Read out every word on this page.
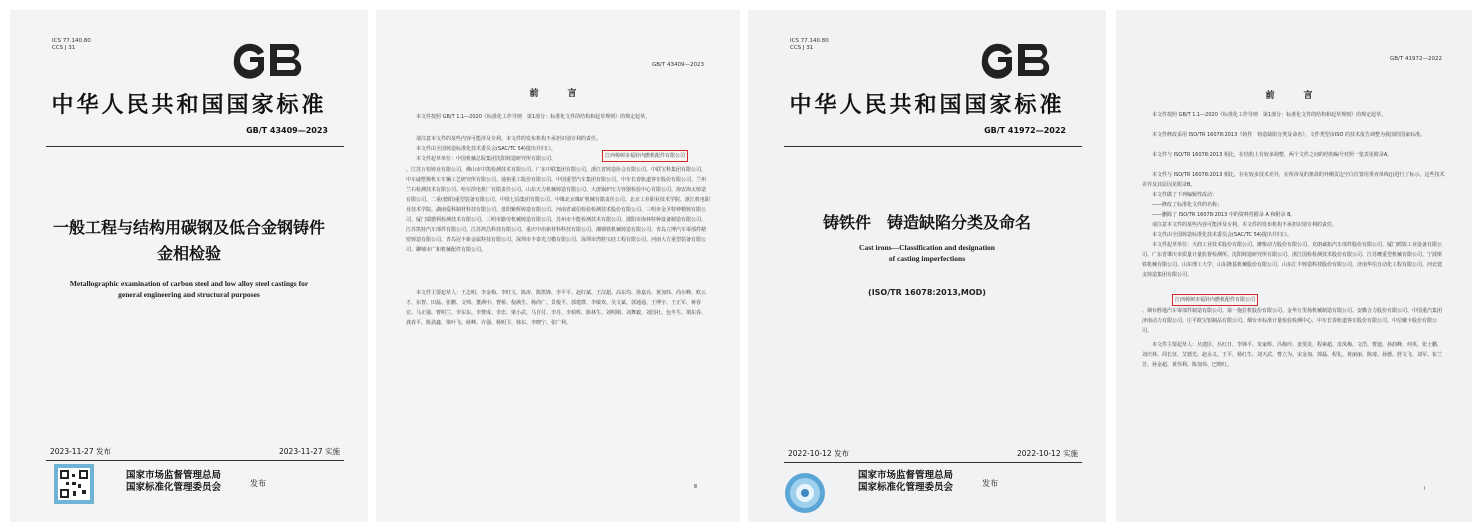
ICS 77.140.80
CCS J 31
中华人民共和国国家标准
GB/T 43409—2023
一般工程与结构用碳钢及低合金钢铸件
金相检验
Metallographic examination of carbon steel and low alloy steel castings for
general engineering and structural purposes
2023-11-27 发布	2023-11-27 实施
国家市场监督管理总局
国家标准化管理委员会	发布
GB/T 43409—2023
前　言
本文件按照 GB/T 1.1—2020《标准化工作导则　第1部分：标准化文件的结构和起草规则》的规定起草。
请注意本文件的某些内容可能涉及专利。本文件的发布机构不承担识别专利的责任。
本文件由全国铸造标准化技术委员会(SAC/TC 54)提出并归口。
本文件起草单位：中国机械总院集团沈阳铸造研究所有限公司、	江西樟树市福铃内燃机配件有限公司
、江苏万恒铸业有限公司、佛山市中凯检测技术有限公司、广东中联集团有限公司、浙江省铸造协会有限公司、中联宝科集团有限公司、中车戚墅堰机车车辆工艺研究所有限公司、通裕重工股份有限公司、中国重型汽车集团有限公司、中车长春轨道客车股份有限公司、兰州兰石检测技术有限公司、哈尔滨电机厂有限责任公司、山东天力机械铸造有限公司、大唐锅炉压力容器检验中心有限公司、海安海太铸造有限公司、二重(德阳)重型装备有限公司、中铁七局集团有限公司、中煤北京煤矿机械有限责任公司、北京工业职业技术学院、浙江机电职业技术学院、湖南爱科制材科技有限公司、盘阳紫辉铸造有限公司、河南省诚信检验检测技术股份有限公司、三明市金圣特钟精铸有限公司、厦门瑞德利检测技术有限公司、三明市勤劳机械铸造有限公司、苏州市丰能检测技术有限公司、溧阳市海林特种设备制造有限公司、江苏凯特汽车部件有限公司、江苏鸿昌科技有限公司、重庆中冶新材料科技有限公司、湘钢铁机械铸造有限公司、青岛立博汽车零部件精密铸造有限公司、青岛冠丰新金属科技有限公司、深圳市丰泰光刀模有限公司、深圳市湾胜宝硅工程有限公司、河南大方重型装备有限公司、聊城市广和机械配件有限公司。
本文件主要起草人：王志明、李金梅、李旺文、陈涛、陈凯锋、李平平、赵红斌、王汉超、高东均、徐嘉亮、黄加炜、尚尔峰、欧云才、东智、田磊、张鹏、文帅、董满中、曹桥、倪满生、杨尚广、景俊平、郭建群、李敏欢、吴文斌、郭通通、王博宇、王正军、蒋春宏、马正强、曹明兰、李东东、李赞成、李忠、梁小武、马自付、李丹、李柏辉、陈林生、刘明刚、刘舞毅、刘国社、包冬生、荆东春、龚春平、陈劲鑫、梁叶飞、薛峰、许强、杨明卫、韩东、李晓宁、张广利。
Ⅲ
ICS 77.140.80
CCS J 31
中华人民共和国国家标准
GB/T 41972—2022
铸铁件　铸造缺陷分类及命名
Cast irons—Classification and designation
of casting imperfections
(ISO/TR 16078:2013,MOD)
2022-10-12 发布	2022-10-12 实施
国家市场监督管理总局
国家标准化管理委员会	发布
GB/T 41972—2022
前　言
本文件按照 GB/T 1.1—2020《标准化工作导则　第1部分：标准化文件的结构和起草规则》的规定起草。
本文件修改采用 ISO/TR 16078:2013《铸件　铸造缺陷分类及命名》。文件类型由ISO 的技术报告调整为我国的国家标准。
本文件与 ISO/TR 16078:2013 相比，在结构上有较多调整，两个文件之间的结构编号对照一览表见附录A。
本文件与 ISO/TR 16078:2013 相比，存在较多技术差异，在所涉及的条款的外侧页边空白位置用垂直单线(|)进行了标示。这些技术差异及其原因见附录B。
本文件做了下列编辑性改动：
——修改了标准化文件的名称；
——删除了 ISO/TR 16078:2013 中的资料性附录 A 和附录 B。
请注意本文件的某些内容可能涉及专利。本文件的发布机构不承担识别专利的责任。
本文件由全国铸造标准化技术委员会(SAC/TC 54)提出并归口。
本文件起草单位：天润工业技术股份有限公司、潍柴动力股份有限公司、克朗诚拓汽车部件股份有限公司、厦门鸥锐工业设备有限公司、广东省肇庆市质量计量监督检测所、沈阳铸造研究所有限公司、浙江国检检测技术股份有限公司、江苏鹰重型机械有限公司、宁波斯铁机械有限公司、山东理工大学、山东隆基机械股份有限公司、山东汇丰铸造科技股份有限公司、济南华信自动化工程有限公司、河北建支铸造集团有限公司、
江西樟树市福铃内燃机配件有限公司
、烟台胜地汽车零部件制造有限公司、第一拖拉机股份有限公司、金华万里扬机械制造有限公司、安徽合力股份有限公司、中国重汽集团济南动力有限公司、庄平欧宝铝制品有限公司、烟台市标准计量检验检测中心、中车长春轨道客车股份有限公司、中信戴卡股份有限公司。
本文件主要起草人：丛建臣、丛红日、李锋平、朱家辉、冯梅玲、姜斐龙、程素超、皮凤梅、文浩、曹迪、孙润峰、何英、张士鹏、刘庆林、周长征、艾德光、赵永义、王平、杨红生、刘天武、曹立为、宋金加、郭磊、程礼、黄丽丽、陈琦、孙德、舒文飞、刘军、崔兰芳、孙金超、黄伟利、陈加伟、巴晓红。
Ⅰ
